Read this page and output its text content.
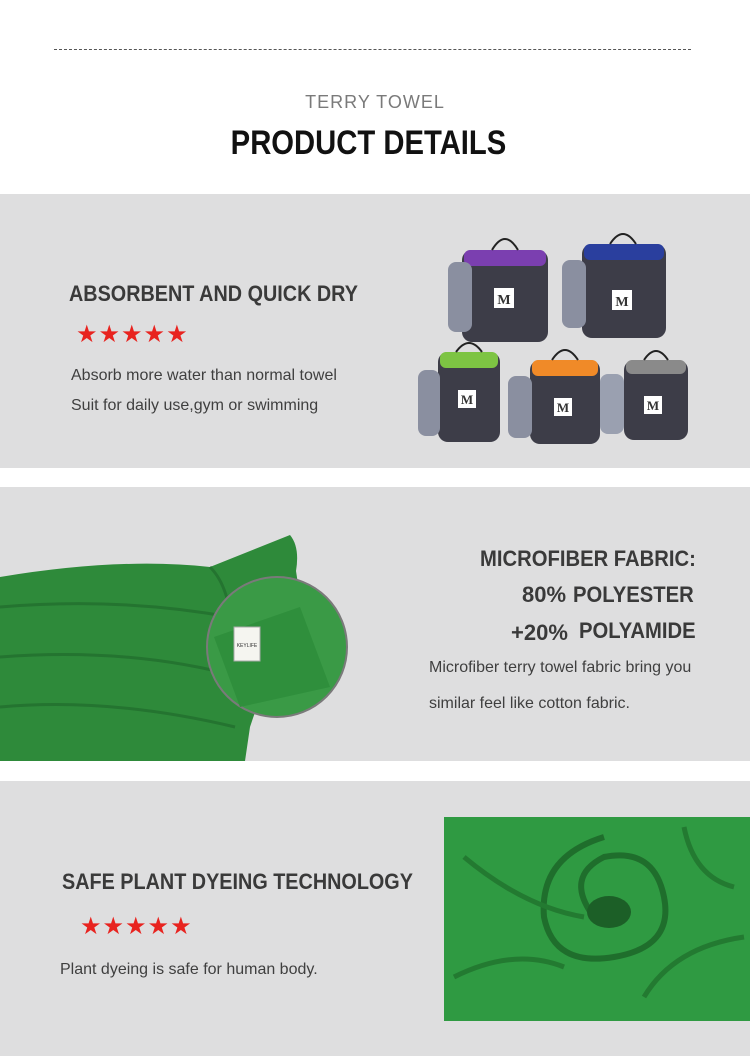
TERRY TOWEL
PRODUCT DETAILS
ABSORBENT AND QUICK DRY
★★★★★
Absorb more water than normal towel
Suit for daily use,gym or swimming
M	M
M
M	M
KEYLIFE
MICROFIBER FABRIC:
80% POLYESTER
+20% POLYAMIDE
Microfiber terry towel fabric bring you
similar feel like cotton fabric.
SAFE PLANT DYEING TECHNOLOGY
★★★★★
Plant dyeing is safe for human body.
